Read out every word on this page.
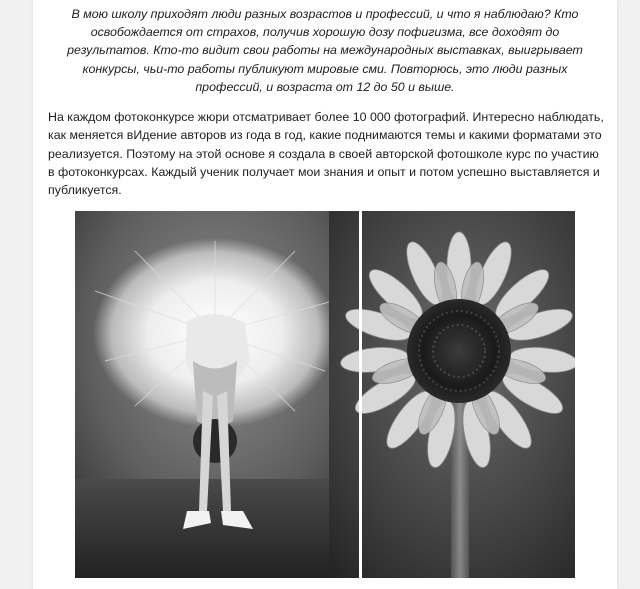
В мою школу приходят люди разных возрастов и профессий, и что я наблюдаю? Кто освобождается от страхов, получив хорошую дозу пофигизма, все доходят до результатов. Кто-то видит свои работы на международных выставках, выигрывает конкурсы, чьи-то работы публикуют мировые сми. Повторюсь, это люди разных профессий, и возраста от 12 до 50 и выше.

На каждом фотоконкурсе жюри отсматривает более 10 000 фотографий. Интересно наблюдать, как меняется вИдение авторов из года в год, какие поднимаются темы и какими форматами это реализуется. Поэтому на этой основе я создала в своей авторской фотошколе курс по участию в фотоконкурсах. Каждый ученик получает мои знания и опыт и потом успешно выставляется и публикуется.
